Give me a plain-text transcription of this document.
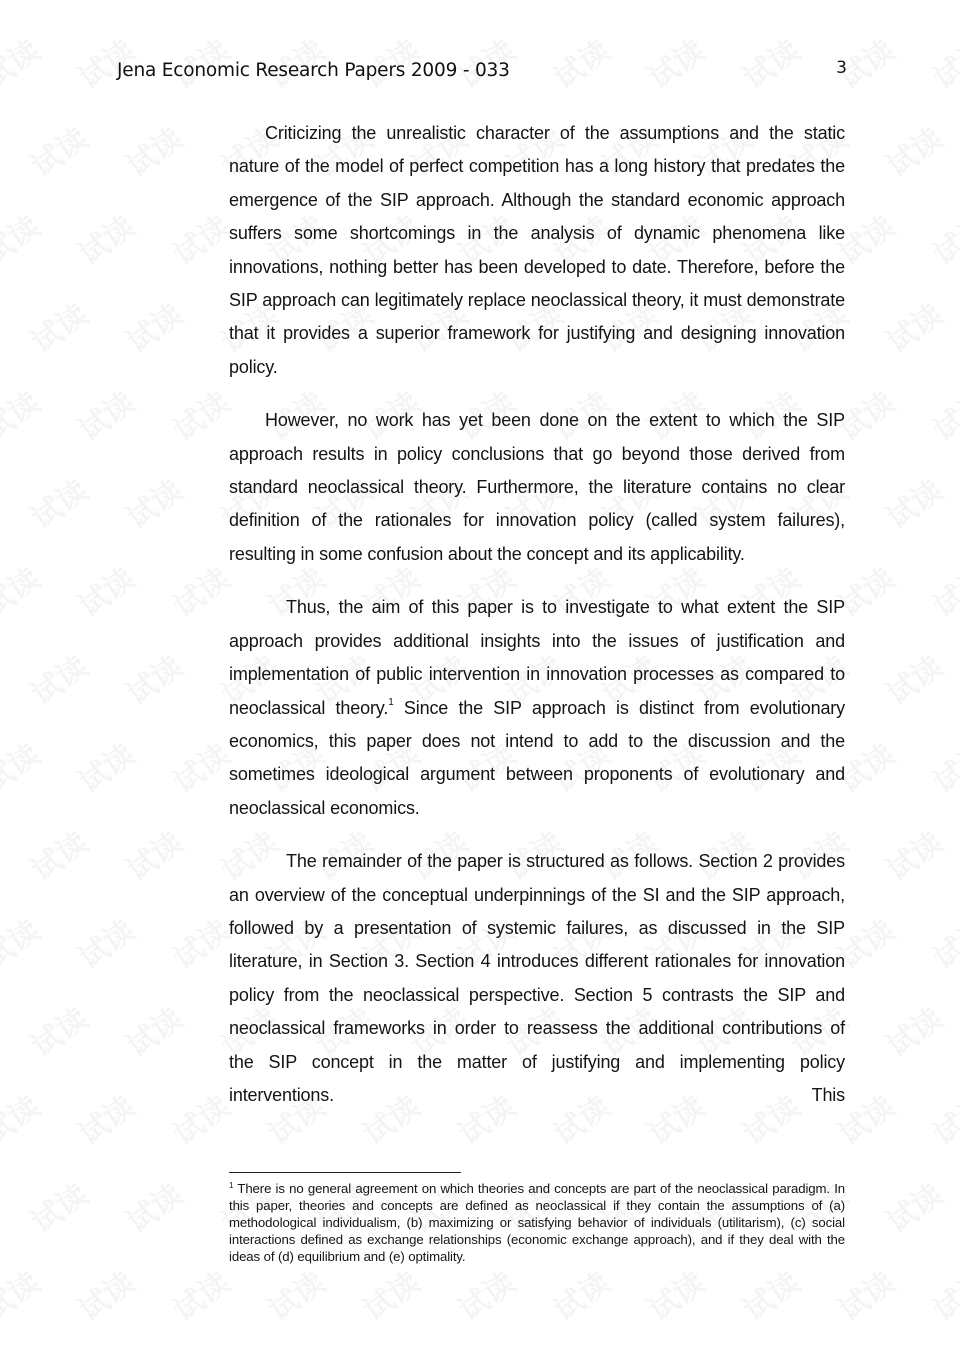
Jena Economic Research Papers 2009 - 033	3

Criticizing the unrealistic character of the assumptions and the static nature of the model of perfect competition has a long history that predates the emergence of the SIP approach. Although the standard economic approach suffers some shortcomings in the analysis of dynamic phenomena like innovations, nothing better has been developed to date. Therefore, before the SIP approach can legitimately replace neoclassical theory, it must demonstrate that it provides a superior framework for justifying and designing innovation policy.

However, no work has yet been done on the extent to which the SIP approach results in policy conclusions that go beyond those derived from standard neoclassical theory. Furthermore, the literature contains no clear definition of the rationales for innovation policy (called system failures), resulting in some confusion about the concept and its applicability.

Thus, the aim of this paper is to investigate to what extent the SIP approach provides additional insights into the issues of justification and implementation of public intervention in innovation processes as compared to neoclassical theory.$^1$ Since the SIP approach is distinct from evolutionary economics, this paper does not intend to add to the discussion and the sometimes ideological argument between proponents of evolutionary and neoclassical economics.

The remainder of the paper is structured as follows. Section 2 provides an overview of the conceptual underpinnings of the SI and the SIP approach, followed by a presentation of systemic failures, as discussed in the SIP literature, in Section 3. Section 4 introduces different rationales for innovation policy from the neoclassical perspective. Section 5 contrasts the SIP and neoclassical frameworks in order to reassess the additional contributions of the SIP concept in the matter of justifying and implementing policy interventions. This

$^1$ There is no general agreement on which theories and concepts are part of the neoclassical paradigm. In this paper, theories and concepts are defined as neoclassical if they contain the assumptions of (a) methodological individualism, (b) maximizing or satisfying behavior of individuals (utilitarism), (c) social interactions defined as exchange relationships (economic exchange approach), and if they deal with the ideas of (d) equilibrium and (e) optimality.
